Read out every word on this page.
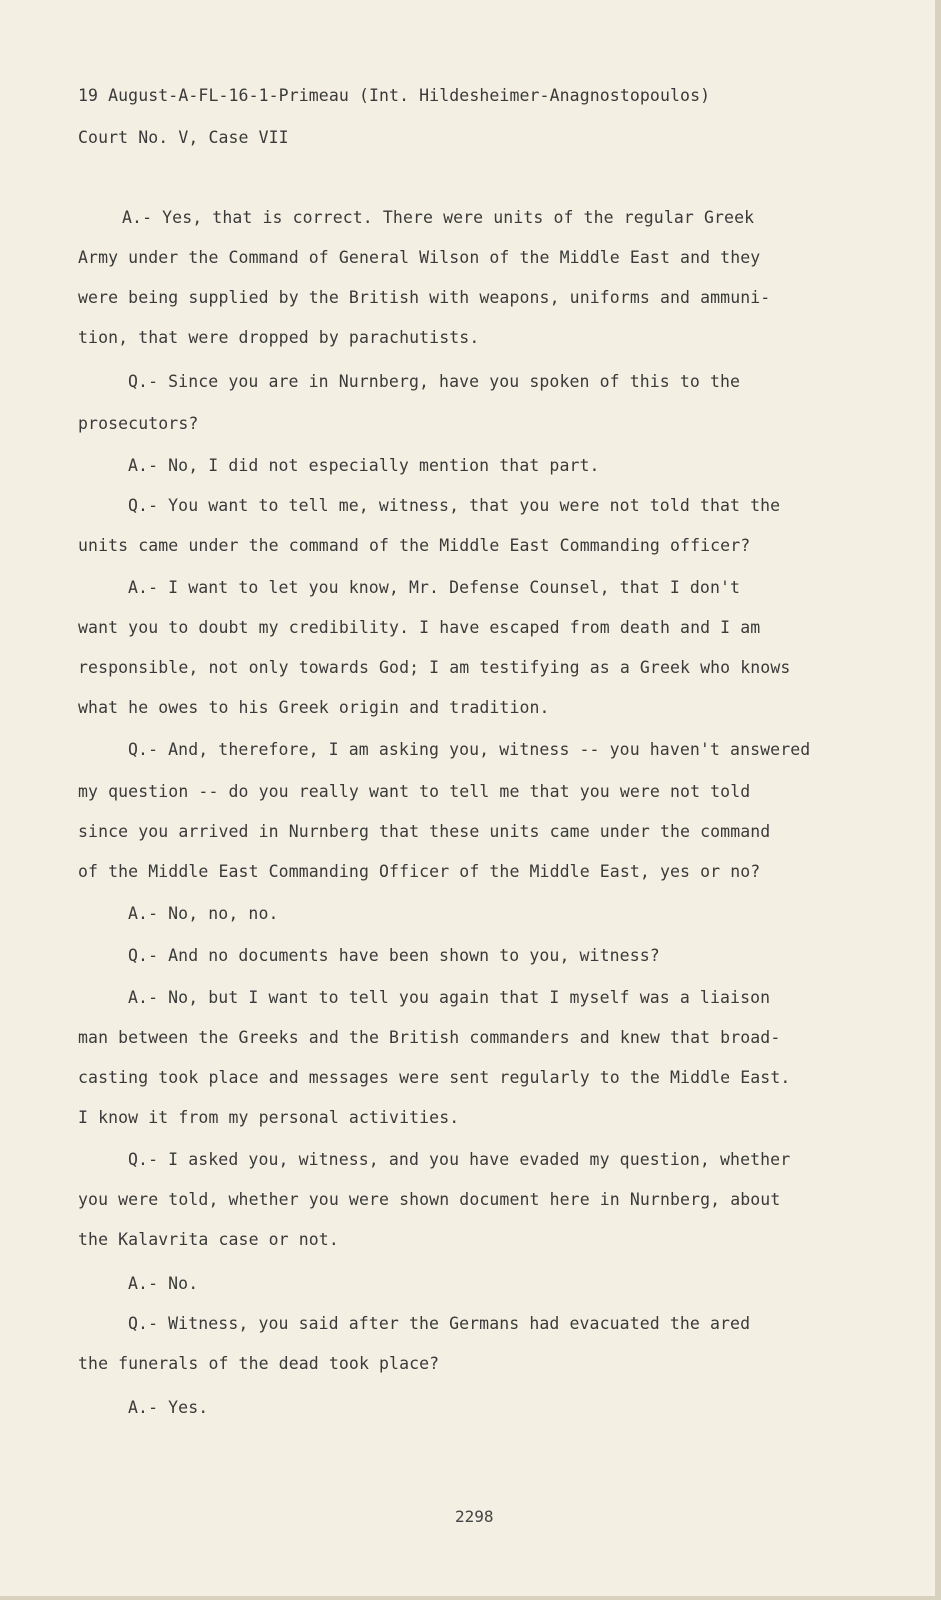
19 August-A-FL-16-1-Primeau (Int. Hildesheimer-Anagnostopoulos)
Court No. V, Case VII
A.- Yes, that is correct. There were units of the regular Greek
Army under the Command of General Wilson of the Middle East and they
were being supplied by the British with weapons, uniforms and ammuni-
tion, that were dropped by parachutists.
Q.- Since you are in Nurnberg, have you spoken of this to the
prosecutors?
A.- No, I did not especially mention that part.
Q.- You want to tell me, witness, that you were not told that the
units came under the command of the Middle East Commanding officer?
A.- I want to let you know, Mr. Defense Counsel, that I don't
want you to doubt my credibility. I have escaped from death and I am
responsible, not only towards God; I am testifying as a Greek who knows
what he owes to his Greek origin and tradition.
Q.- And, therefore, I am asking you, witness -- you haven't answered
my question -- do you really want to tell me that you were not told
since you arrived in Nurnberg that these units came under the command
of the Middle East Commanding Officer of the Middle East, yes or no?
A.- No, no, no.
Q.- And no documents have been shown to you, witness?
A.- No, but I want to tell you again that I myself was a liaison
man between the Greeks and the British commanders and knew that broad-
casting took place and messages were sent regularly to the Middle East.
I know it from my personal activities.
Q.- I asked you, witness, and you have evaded my question, whether
you were told, whether you were shown document here in Nurnberg, about
the Kalavrita case or not.
A.- No.
Q.- Witness, you said after the Germans had evacuated the ared
the funerals of the dead took place?
A.- Yes.
2298
